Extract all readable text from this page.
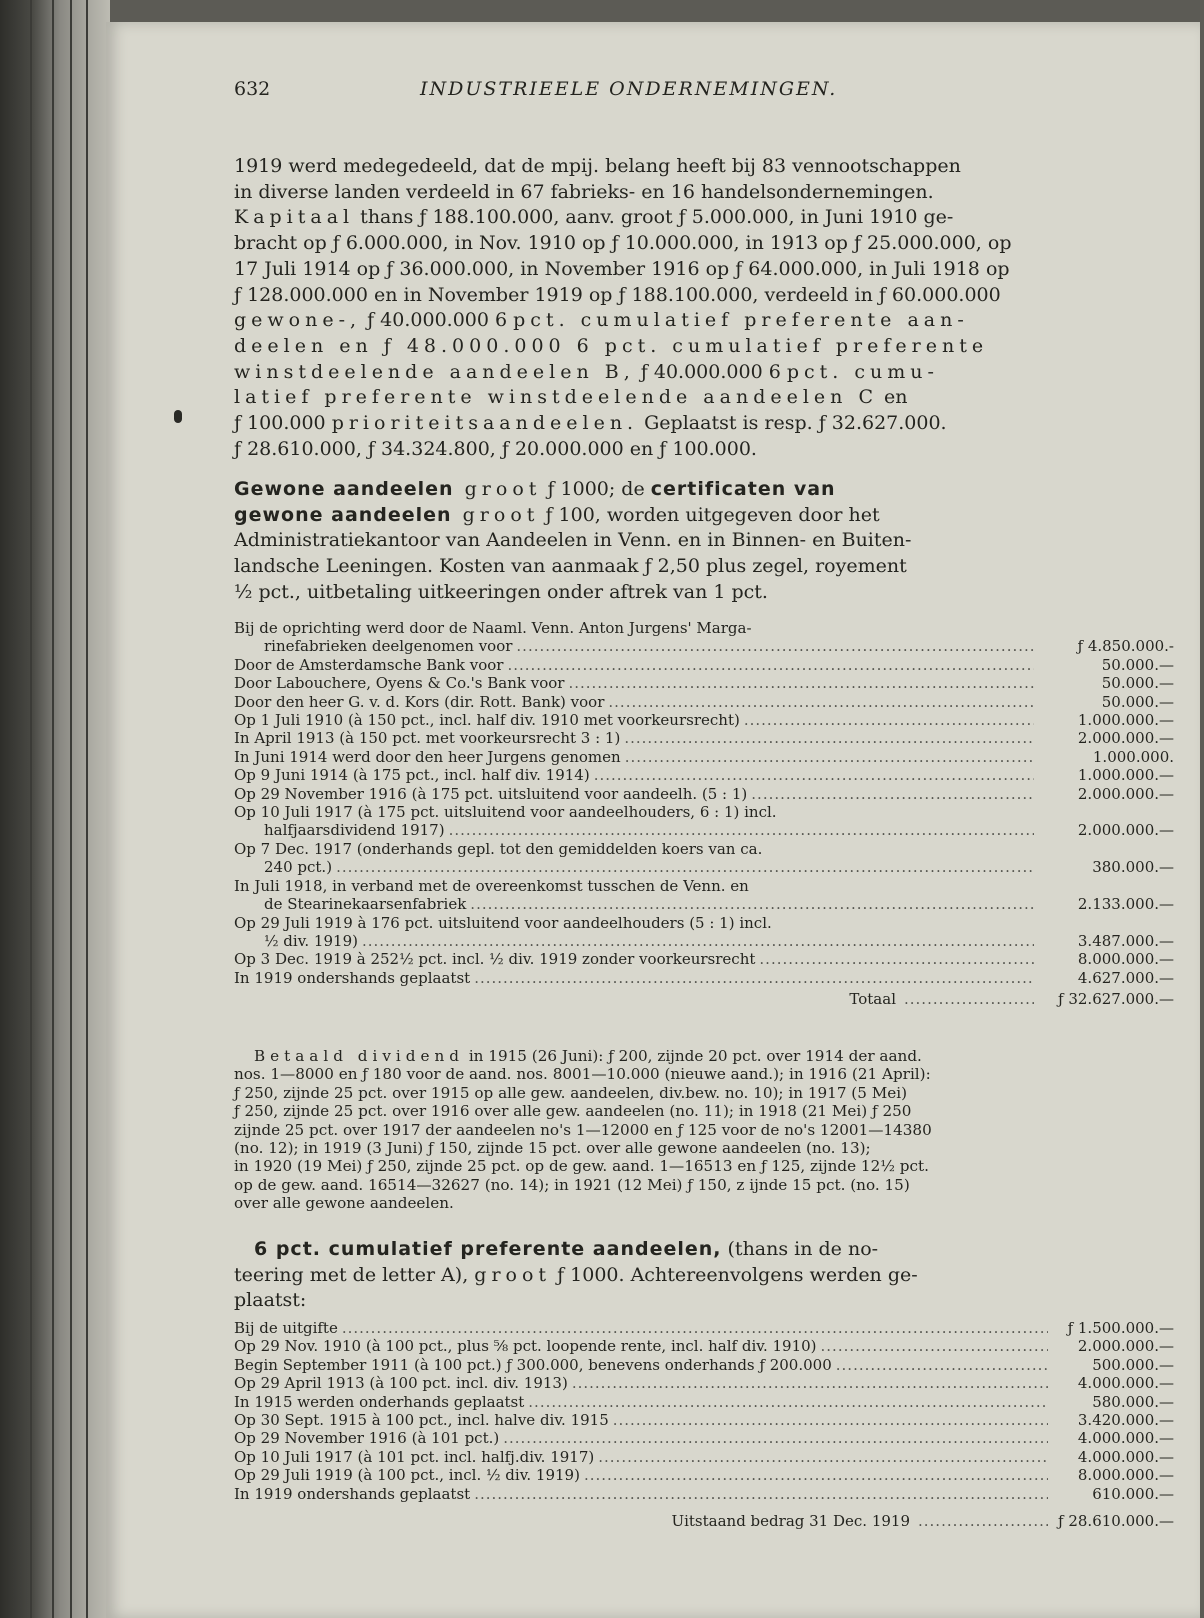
632	INDUSTRIEELE ONDERNEMINGEN.
1919 werd medegedeeld, dat de mpij. belang heeft bij 83 vennootschappen
in diverse landen verdeeld in 67 fabrieks- en 16 handelsondernemingen.
Kapitaal thans ƒ 188.100.000, aanv. groot ƒ 5.000.000, in Juni 1910 ge-
bracht op ƒ 6.000.000, in Nov. 1910 op ƒ 10.000.000, in 1913 op ƒ 25.000.000, op
17 Juli 1914 op ƒ 36.000.000, in November 1916 op ƒ 64.000.000, in Juli 1918 op
ƒ 128.000.000 en in November 1919 op ƒ 188.100.000, verdeeld in ƒ 60.000.000
gewone-, ƒ 40.000.000 6 pct. cumulatief preferente aan-
deelen en ƒ 48.000.000 6 pct. cumulatief preferente
winstdeelende aandeelen B, ƒ 40.000.000 6 pct. cumu-
latief preferente winstdeelende aandeelen C en
ƒ 100.000 prioriteitsaandeelen. Geplaatst is resp. ƒ 32.627.000.
ƒ 28.610.000, ƒ 34.324.800, ƒ 20.000.000 en ƒ 100.000.
Gewone aandeelen groot ƒ 1000; de certificaten van
gewone aandeelen groot ƒ 100, worden uitgegeven door het
Administratiekantoor van Aandeelen in Venn. en in Binnen- en Buiten-
landsche Leeningen. Kosten van aanmaak ƒ 2,50 plus zegel, royement
½ pct., uitbetaling uitkeeringen onder aftrek van 1 pct.
Bij de oprichting werd door de Naaml. Venn. Anton Jurgens' Marga-
rinefabrieken deelgenomen voor .....	ƒ 4.850.000.-
Door de Amsterdamsche Bank voor .....	50.000.—
Door Labouchere, Oyens & Co.'s Bank voor .....	50.000.—
Door den heer G. v. d. Kors (dir. Rott. Bank) voor .....	50.000.—
Op 1 Juli 1910 (à 150 pct., incl. half div. 1910 met voorkeursrecht) .....	1.000.000.—
In April 1913 (à 150 pct. met voorkeursrecht 3 : 1) .....	2.000.000.—
In Juni 1914 werd door den heer Jurgens genomen .....	1.000.000.
Op 9 Juni 1914 (à 175 pct., incl. half div. 1914) .....	1.000.000.—
Op 29 November 1916 (à 175 pct. uitsluitend voor aandeelh. (5 : 1) .....	2.000.000.—
Op 10 Juli 1917 (à 175 pct. uitsluitend voor aandeelhouders, 6 : 1) incl.
halfjaarsdividend 1917) .....	2.000.000.—
Op 7 Dec. 1917 (onderhands gepl. tot den gemiddelden koers van ca.
240 pct.) .....	380.000.—
In Juli 1918, in verband met de overeenkomst tusschen de Venn. en
de Stearinekaarsenfabriek .....	2.133.000.—
Op 29 Juli 1919 à 176 pct. uitsluitend voor aandeelhouders (5 : 1) incl.
½ div. 1919) .....	3.487.000.—
Op 3 Dec. 1919 à 252½ pct. incl. ½ div. 1919 zonder voorkeursrecht .....	8.000.000.—
In 1919 ondershands geplaatst .....	4.627.000.—
Totaal .....	ƒ 32.627.000.—
Betaald dividend in 1915 (26 Juni): ƒ 200, zijnde 20 pct. over 1914 der aand.
nos. 1—8000 en ƒ 180 voor de aand. nos. 8001—10.000 (nieuwe aand.); in 1916 (21 April):
ƒ 250, zijnde 25 pct. over 1915 op alle gew. aandeelen, div.bew. no. 10); in 1917 (5 Mei)
ƒ 250, zijnde 25 pct. over 1916 over alle gew. aandeelen (no. 11); in 1918 (21 Mei) ƒ 250
zijnde 25 pct. over 1917 der aandeelen no's 1—12000 en ƒ 125 voor de no's 12001—14380
(no. 12); in 1919 (3 Juni) ƒ 150, zijnde 15 pct. over alle gewone aandeelen (no. 13);
in 1920 (19 Mei) ƒ 250, zijnde 25 pct. op de gew. aand. 1—16513 en ƒ 125, zijnde 12½ pct.
op de gew. aand. 16514—32627 (no. 14); in 1921 (12 Mei) ƒ 150, z ijnde 15 pct. (no. 15)
over alle gewone aandeelen.
6 pct. cumulatief preferente aandeelen, (thans in de no-
teering met de letter A), groot ƒ 1000. Achtereenvolgens werden ge-
plaatst:
Bij de uitgifte .....	ƒ 1.500.000.—
Op 29 Nov. 1910 (à 100 pct., plus ⅝ pct. loopende rente, incl. half div. 1910) .....	2.000.000.—
Begin September 1911 (à 100 pct.) ƒ 300.000, benevens onderhands ƒ 200.000 .....	500.000.—
Op 29 April 1913 (à 100 pct. incl. div. 1913) .....	4.000.000.—
In 1915 werden onderhands geplaatst .....	580.000.—
Op 30 Sept. 1915 à 100 pct., incl. halve div. 1915 .....	3.420.000.—
Op 29 November 1916 (à 101 pct.) .....	4.000.000.—
Op 10 Juli 1917 (à 101 pct. incl. halfj.div. 1917) .....	4.000.000.—
Op 29 Juli 1919 (à 100 pct., incl. ½ div. 1919) .....	8.000.000.—
In 1919 ondershands geplaatst .....	610.000.—
Uitstaand bedrag 31 Dec. 1919 .....	ƒ 28.610.000.—
